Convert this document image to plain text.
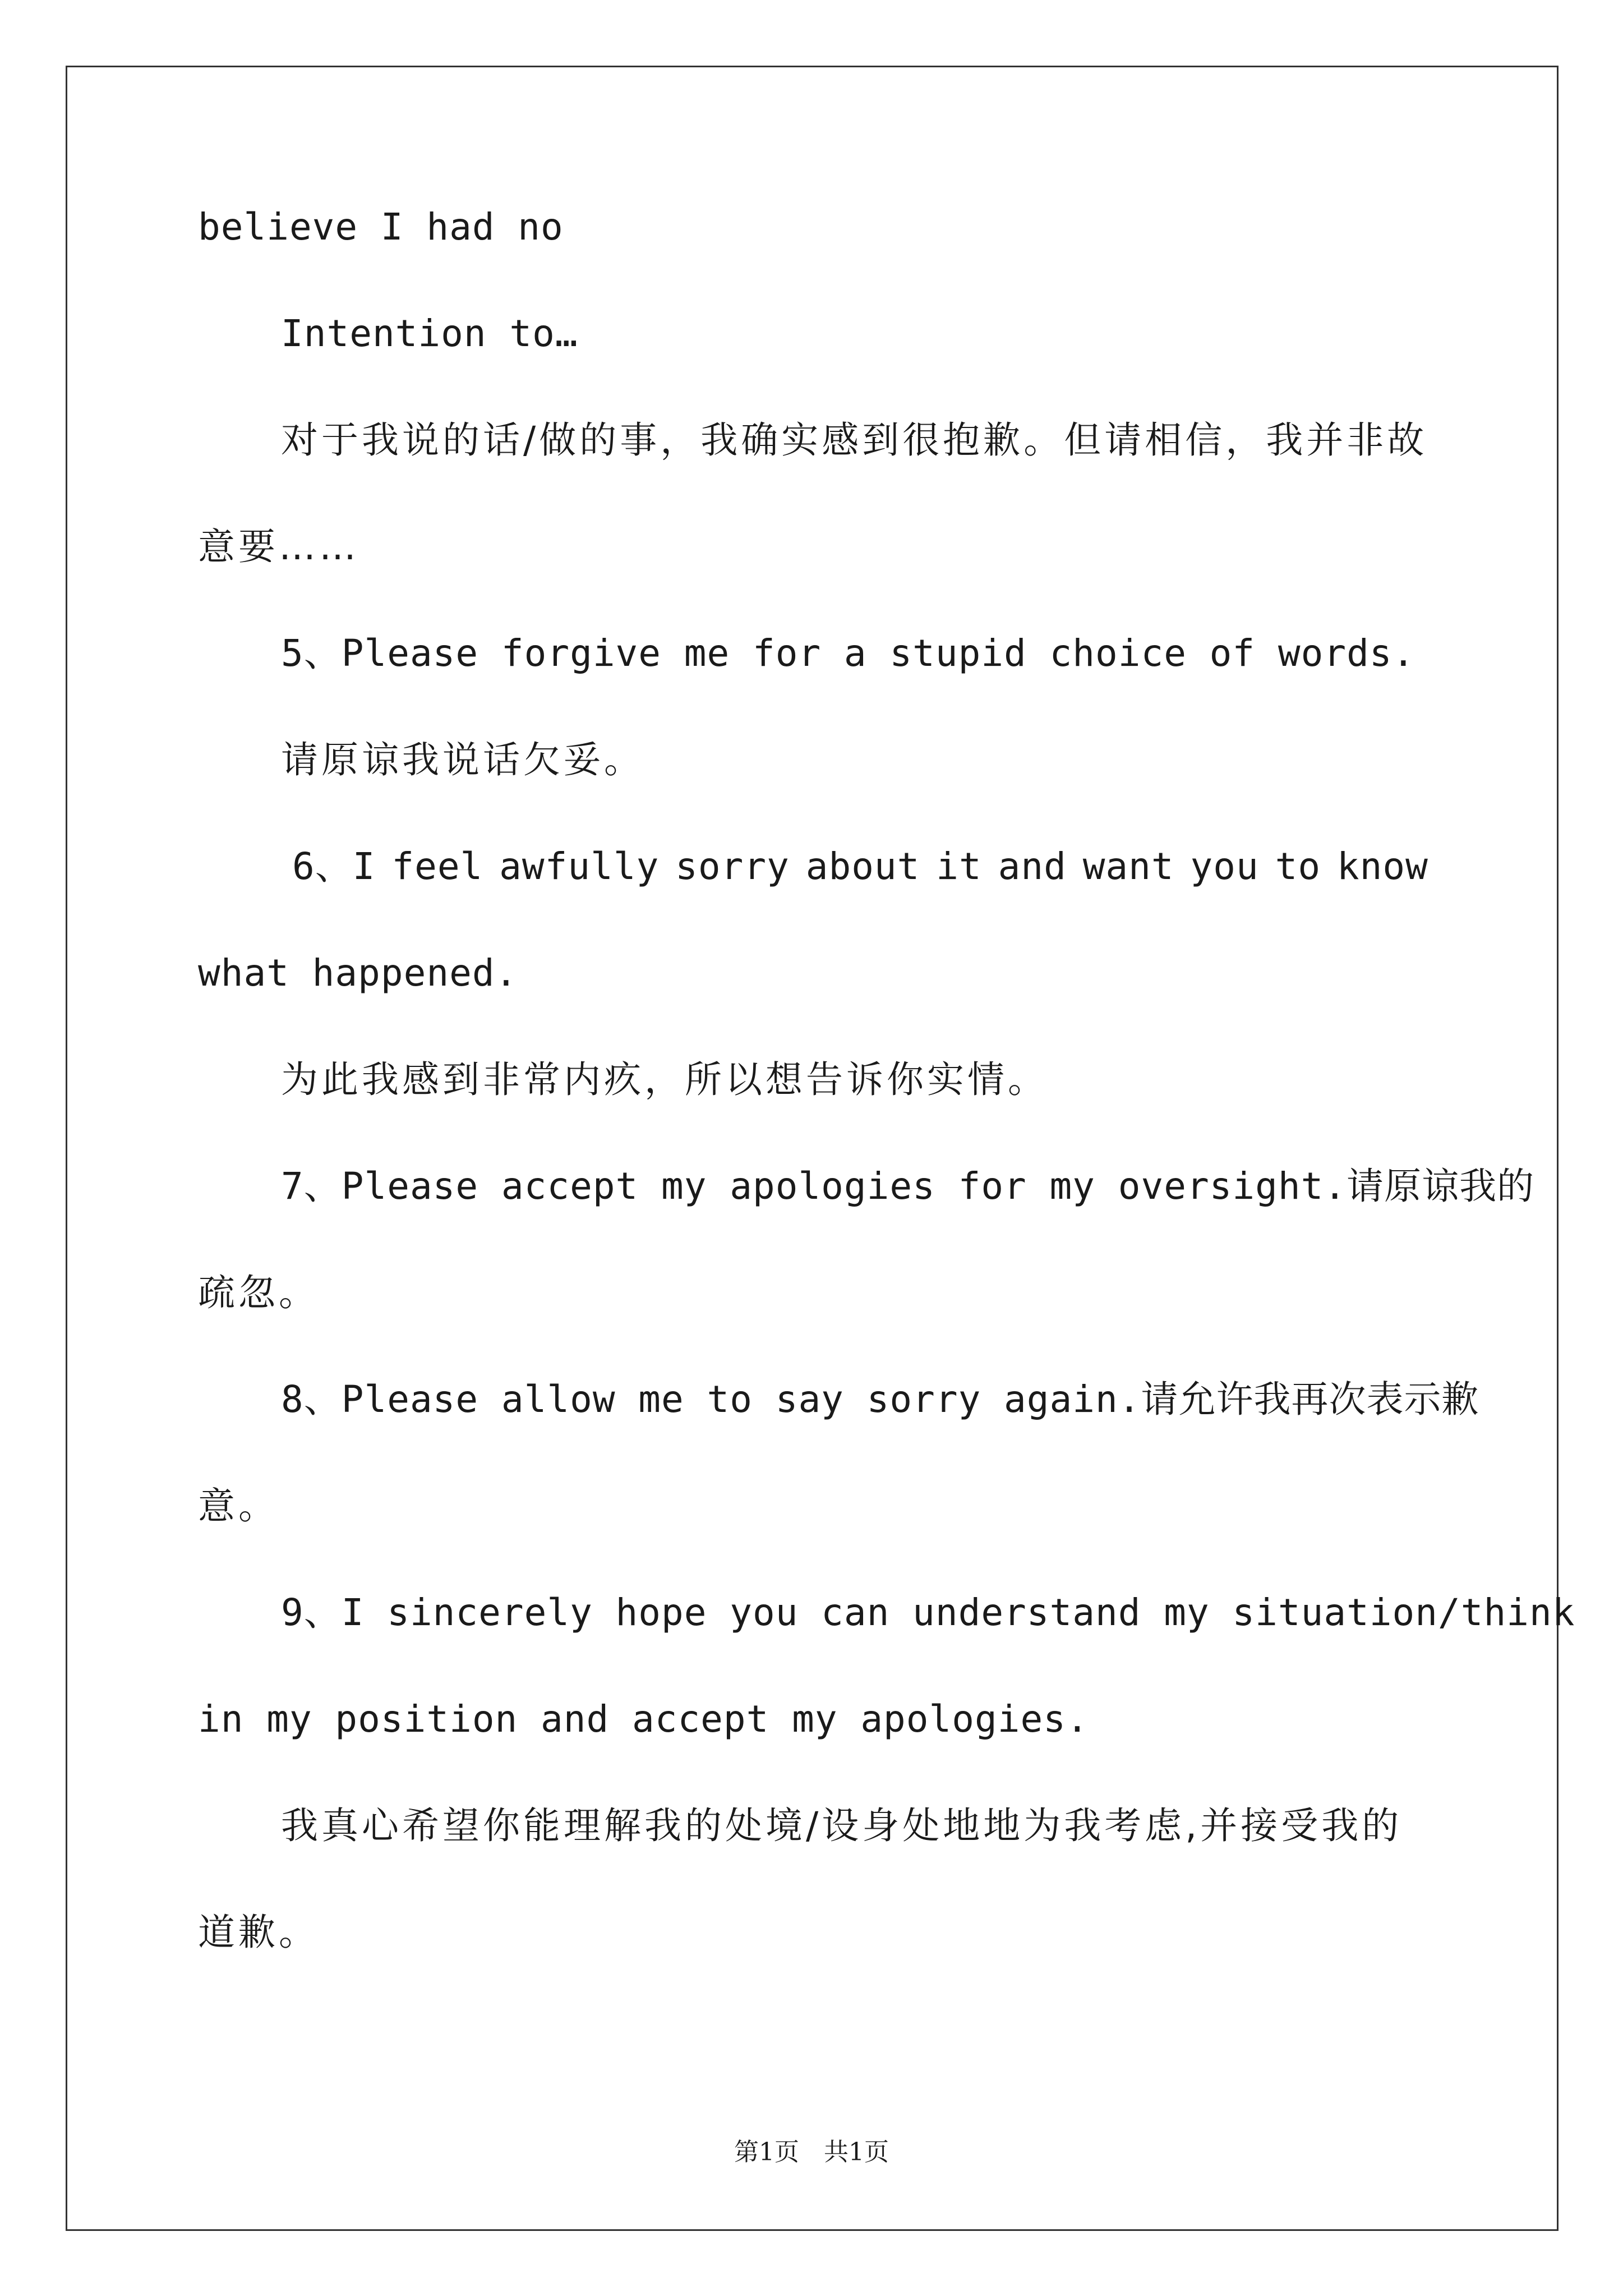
believe I had no
Intention to…
对于我说的话/做的事，我确实感到很抱歉。但请相信，我并非故
意要……
5、Please forgive me for a stupid choice of words.
请原谅我说话欠妥。
6、I feel awfully sorry about it and want you to know
what happened.
为此我感到非常内疚，所以想告诉你实情。
7、Please accept my apologies for my oversight.请原谅我的
疏忽。
8、Please allow me to say sorry again.请允许我再次表示歉
意。
9、I sincerely hope you can understand my situation/think
in my position and accept my apologies.
我真心希望你能理解我的处境/设身处地地为我考虑,并接受我的
道歉。
第1页　共1页
